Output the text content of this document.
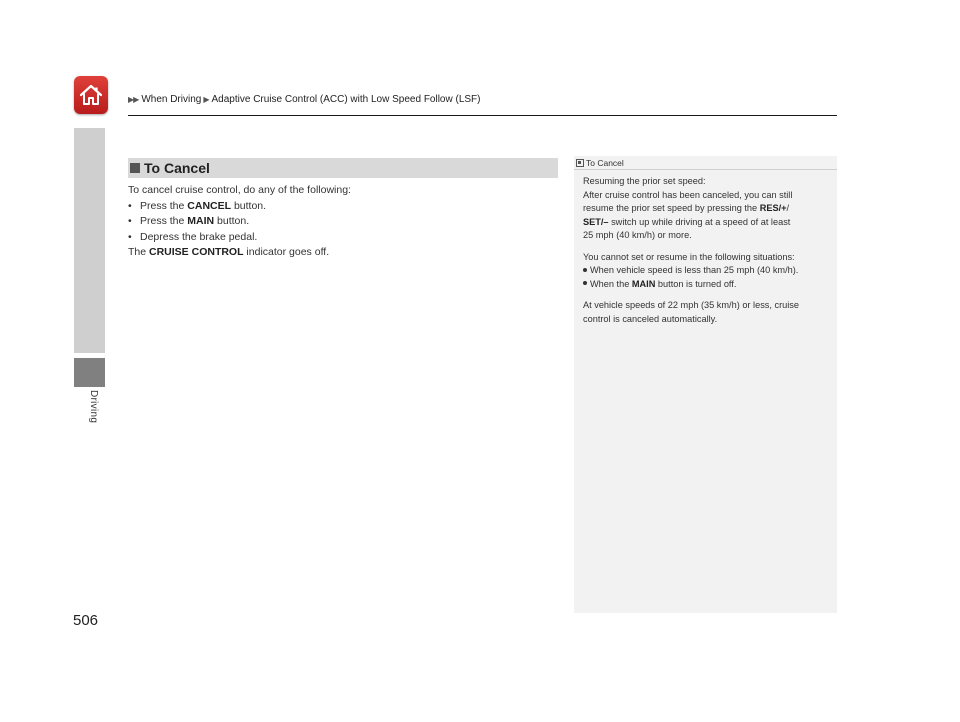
▶▶ When Driving ▶ Adaptive Cruise Control (ACC) with Low Speed Follow (LSF)
Driving
To Cancel
To cancel cruise control, do any of the following:
• Press the CANCEL button.
• Press the MAIN button.
• Depress the brake pedal.
The CRUISE CONTROL indicator goes off.
To Cancel
Resuming the prior set speed:
After cruise control has been canceled, you can still
resume the prior set speed by pressing the RES/+/
SET/– switch up while driving at a speed of at least
25 mph (40 km/h) or more.
You cannot set or resume in the following situations:
When vehicle speed is less than 25 mph (40 km/h).
When the MAIN button is turned off.
At vehicle speeds of 22 mph (35 km/h) or less, cruise
control is canceled automatically.
506
